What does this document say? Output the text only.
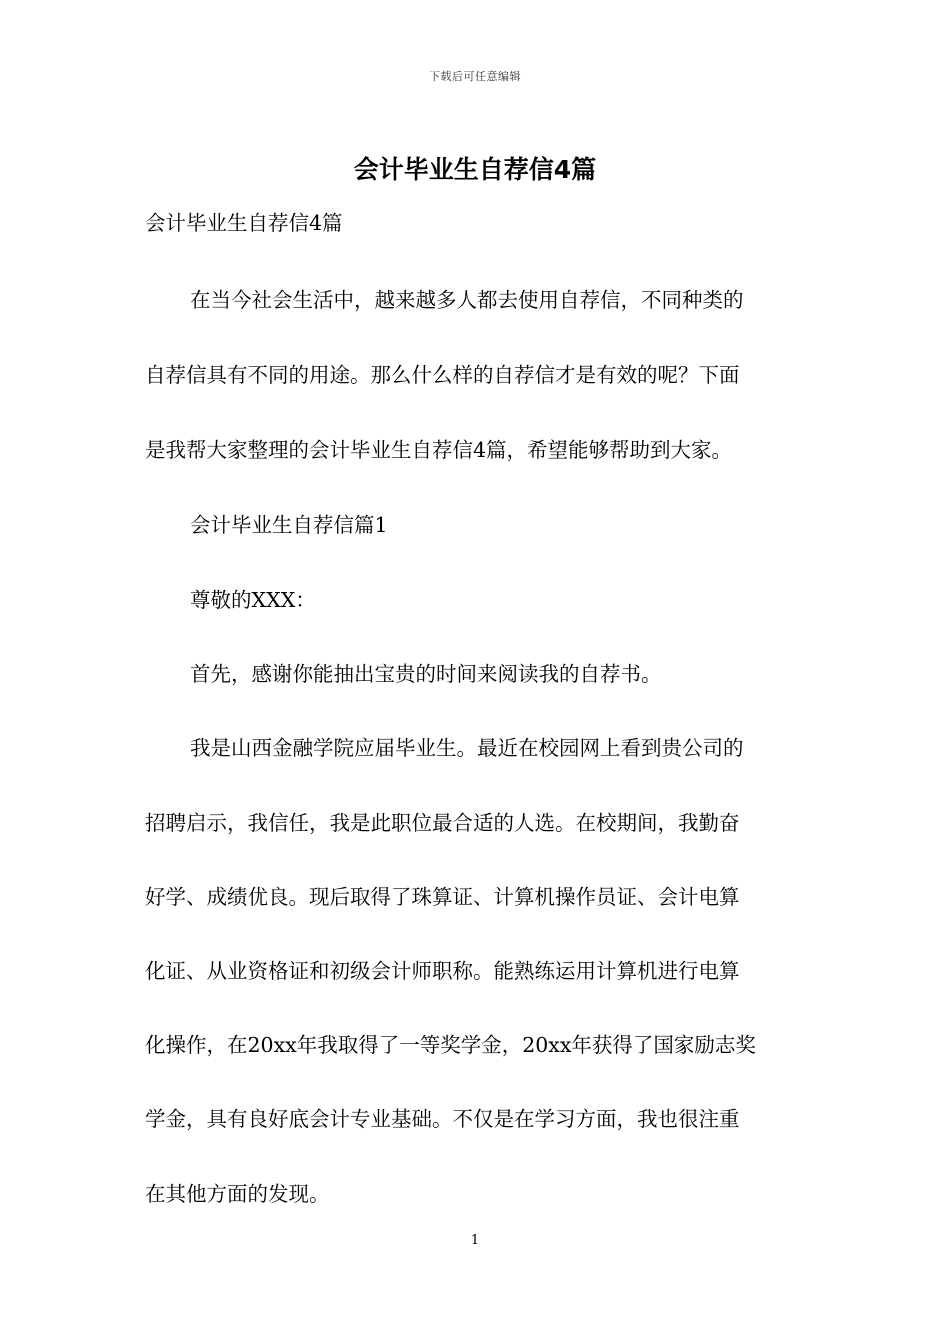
下载后可任意编辑
会计毕业生自荐信4篇
会计毕业生自荐信4篇
在当今社会生活中，越来越多人都去使用自荐信，不同种类的
自荐信具有不同的用途。那么什么样的自荐信才是有效的呢？下面
是我帮大家整理的会计毕业生自荐信4篇，希望能够帮助到大家。
会计毕业生自荐信篇1
尊敬的XXX：
首先，感谢你能抽出宝贵的时间来阅读我的自荐书。
我是山西金融学院应届毕业生。最近在校园网上看到贵公司的
招聘启示，我信任，我是此职位最合适的人选。在校期间，我勤奋
好学、成绩优良。现后取得了珠算证、计算机操作员证、会计电算
化证、从业资格证和初级会计师职称。能熟练运用计算机进行电算
化操作，在20xx年我取得了一等奖学金，20xx年获得了国家励志奖
学金，具有良好底会计专业基础。不仅是在学习方面，我也很注重
在其他方面的发现。
1
